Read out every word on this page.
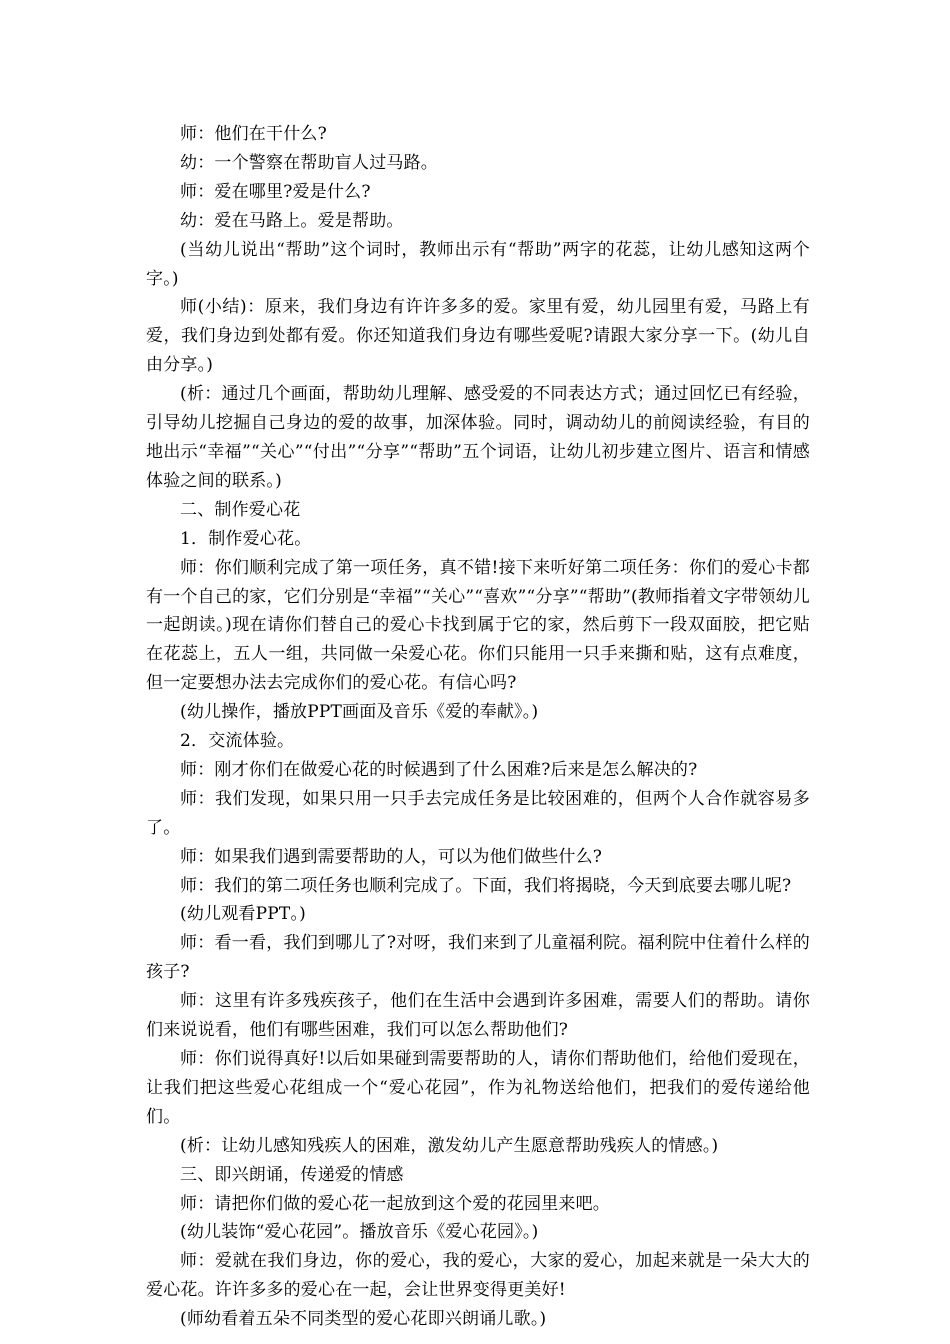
师：他们在干什么?

幼：一个警察在帮助盲人过马路。

师：爱在哪里?爱是什么?

幼：爱在马路上。爱是帮助。

(当幼儿说出“帮助”这个词时，教师出示有“帮助”两字的花蕊，让幼儿感知这两个字。)

师(小结)：原来，我们身边有许许多多的爱。家里有爱，幼儿园里有爱，马路上有爱，我们身边到处都有爱。你还知道我们身边有哪些爱呢?请跟大家分享一下。(幼儿自由分享。)

(析：通过几个画面，帮助幼儿理解、感受爱的不同表达方式；通过回忆已有经验，引导幼儿挖掘自己身边的爱的故事，加深体验。同时，调动幼儿的前阅读经验，有目的地出示“幸福”“关心”“付出”“分享”“帮助”五个词语，让幼儿初步建立图片、语言和情感体验之间的联系。)

二、制作爱心花

1．制作爱心花。

师：你们顺利完成了第一项任务，真不错!接下来听好第二项任务：你们的爱心卡都有一个自己的家，它们分别是“幸福”“关心”“喜欢”“分享”“帮助”(教师指着文字带领幼儿一起朗读。)现在请你们替自己的爱心卡找到属于它的家，然后剪下一段双面胶，把它贴在花蕊上，五人一组，共同做一朵爱心花。你们只能用一只手来撕和贴，这有点难度，但一定要想办法去完成你们的爱心花。有信心吗?

(幼儿操作，播放PPT画面及音乐《爱的奉献》。)

2．交流体验。

师：刚才你们在做爱心花的时候遇到了什么困难?后来是怎么解决的?

师：我们发现，如果只用一只手去完成任务是比较困难的，但两个人合作就容易多了。

师：如果我们遇到需要帮助的人，可以为他们做些什么?

师：我们的第二项任务也顺利完成了。下面，我们将揭晓，今天到底要去哪儿呢?

(幼儿观看PPT。)

师：看一看，我们到哪儿了?对呀，我们来到了儿童福利院。福利院中住着什么样的孩子?

师：这里有许多残疾孩子，他们在生活中会遇到许多困难，需要人们的帮助。请你们来说说看，他们有哪些困难，我们可以怎么帮助他们?

师：你们说得真好!以后如果碰到需要帮助的人，请你们帮助他们，给他们爱现在，让我们把这些爱心花组成一个“爱心花园”，作为礼物送给他们，把我们的爱传递给他们。

(析：让幼儿感知残疾人的困难，激发幼儿产生愿意帮助残疾人的情感。)

三、即兴朗诵，传递爱的情感

师：请把你们做的爱心花一起放到这个爱的花园里来吧。

(幼儿装饰“爱心花园”。播放音乐《爱心花园》。)

师：爱就在我们身边，你的爱心，我的爱心，大家的爱心，加起来就是一朵大大的爱心花。许许多多的爱心在一起，会让世界变得更美好!

(师幼看着五朵不同类型的爱心花即兴朗诵儿歌。)
